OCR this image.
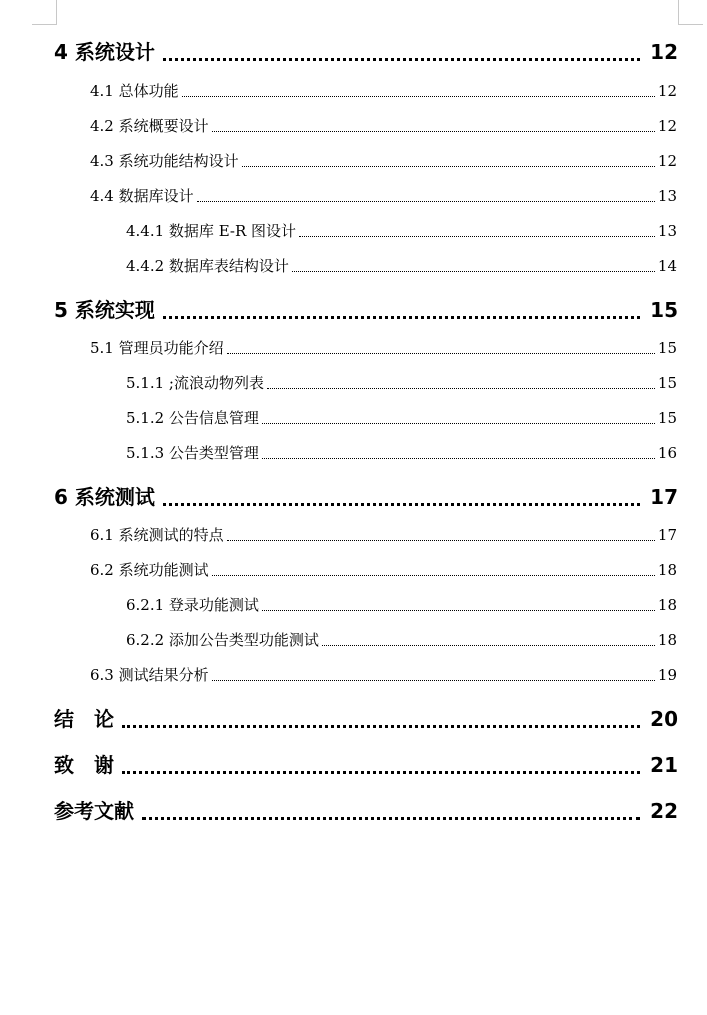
4 系统设计	12
4.1 总体功能	12
4.2 系统概要设计	12
4.3 系统功能结构设计	12
4.4 数据库设计	13
4.4.1 数据库 E-R 图设计	13
4.4.2 数据库表结构设计	14
5 系统实现	15
5.1 管理员功能介绍	15
5.1.1 ;流浪动物列表	15
5.1.2 公告信息管理	15
5.1.3 公告类型管理	16
6 系统测试	17
6.1 系统测试的特点	17
6.2 系统功能测试	18
6.2.1 登录功能测试	18
6.2.2 添加公告类型功能测试	18
6.3 测试结果分析	19
结　论	20
致　谢	21
参考文献	22
